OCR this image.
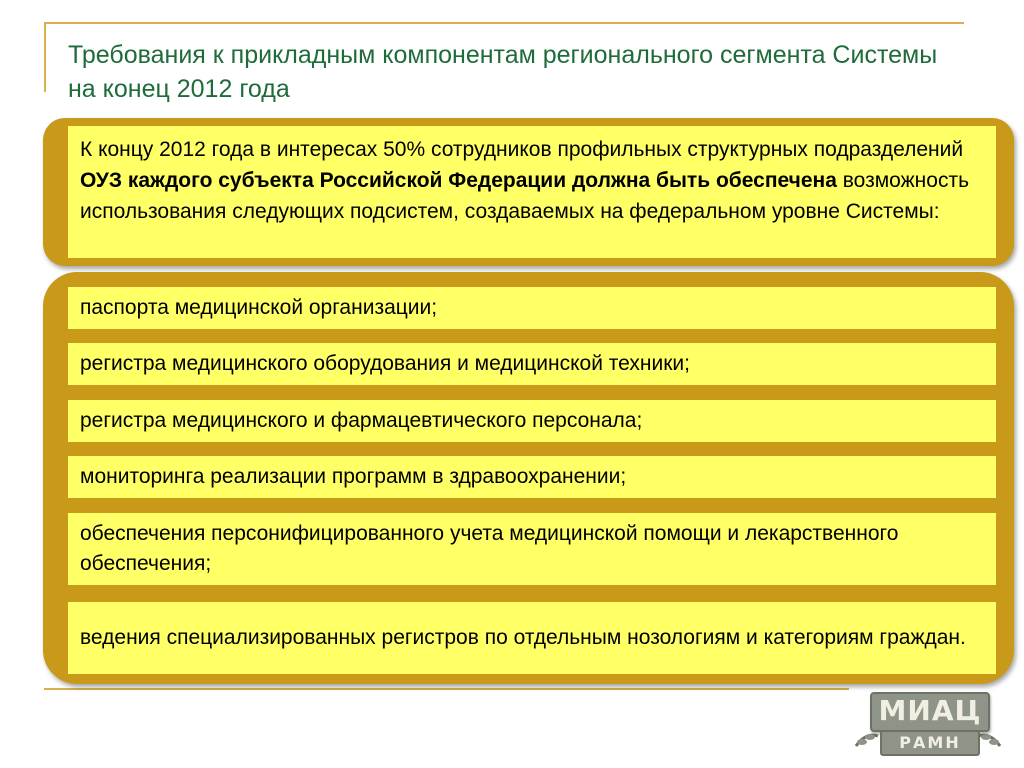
Требования к прикладным компонентам регионального сегмента Системы на конец 2012 года
К концу 2012 года в интересах 50% сотрудников профильных структурных подразделений ОУЗ каждого субъекта Российской Федерации должна быть обеспечена возможность использования следующих подсистем, создаваемых на федеральном уровне Системы:
паспорта медицинской организации;
регистра медицинского оборудования и медицинской техники;
регистра медицинского и фармацевтического персонала;
мониторинга реализации программ в здравоохранении;
обеспечения персонифицированного учета медицинской помощи и лекарственного обеспечения;
ведения специализированных регистров по отдельным нозологиям и категориям граждан.
МИАЦ
РАМН
